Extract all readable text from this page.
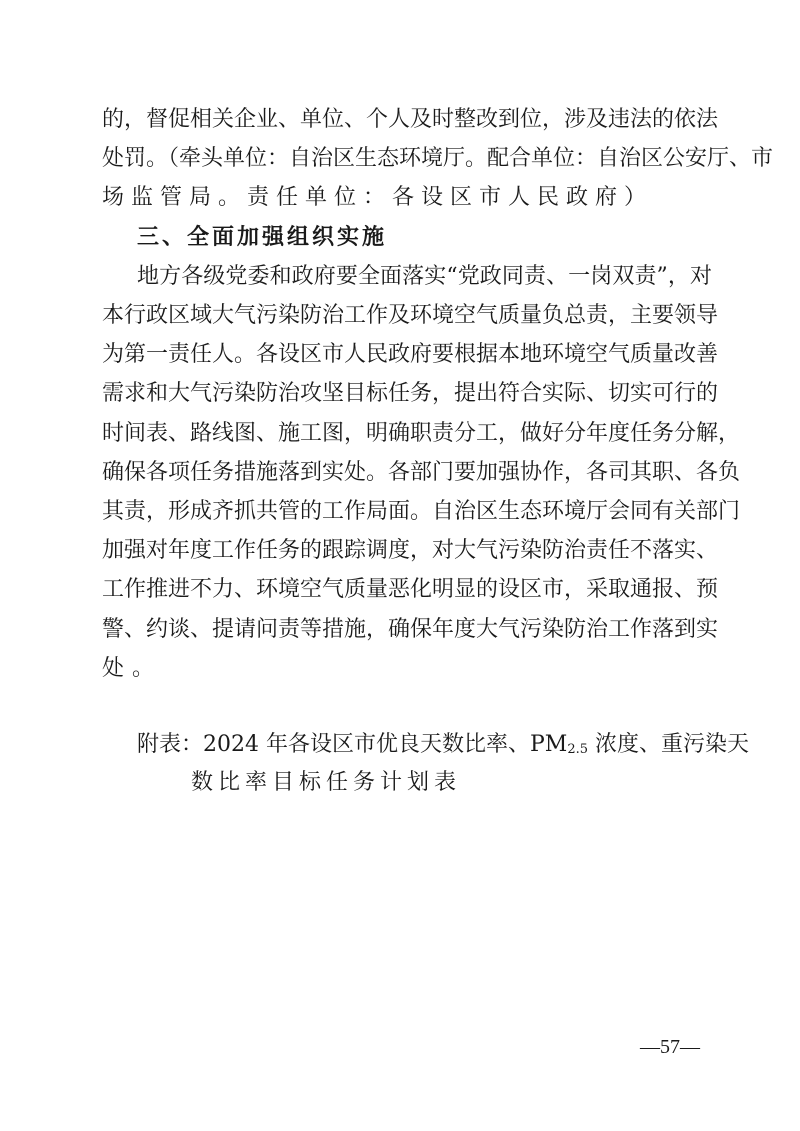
的，督促相关企业、单位、个人及时整改到位，涉及违法的依法
处罚。（牵头单位：自治区生态环境厅。配合单位：自治区公安厅、市
场监管局。责任单位：各设区市人民政府）
三、全面加强组织实施
地方各级党委和政府要全面落实“党政同责、一岗双责”，对
本行政区域大气污染防治工作及环境空气质量负总责，主要领导
为第一责任人。各设区市人民政府要根据本地环境空气质量改善
需求和大气污染防治攻坚目标任务，提出符合实际、切实可行的
时间表、路线图、施工图，明确职责分工，做好分年度任务分解，
确保各项任务措施落到实处。各部门要加强协作，各司其职、各负
其责，形成齐抓共管的工作局面。自治区生态环境厅会同有关部门
加强对年度工作任务的跟踪调度，对大气污染防治责任不落实、
工作推进不力、环境空气质量恶化明显的设区市，采取通报、预
警、约谈、提请问责等措施，确保年度大气污染防治工作落到实
处。
附表：2024 年各设区市优良天数比率、$PM_{2.5}$ 浓度、重污染天
数比率目标任务计划表
—57—
